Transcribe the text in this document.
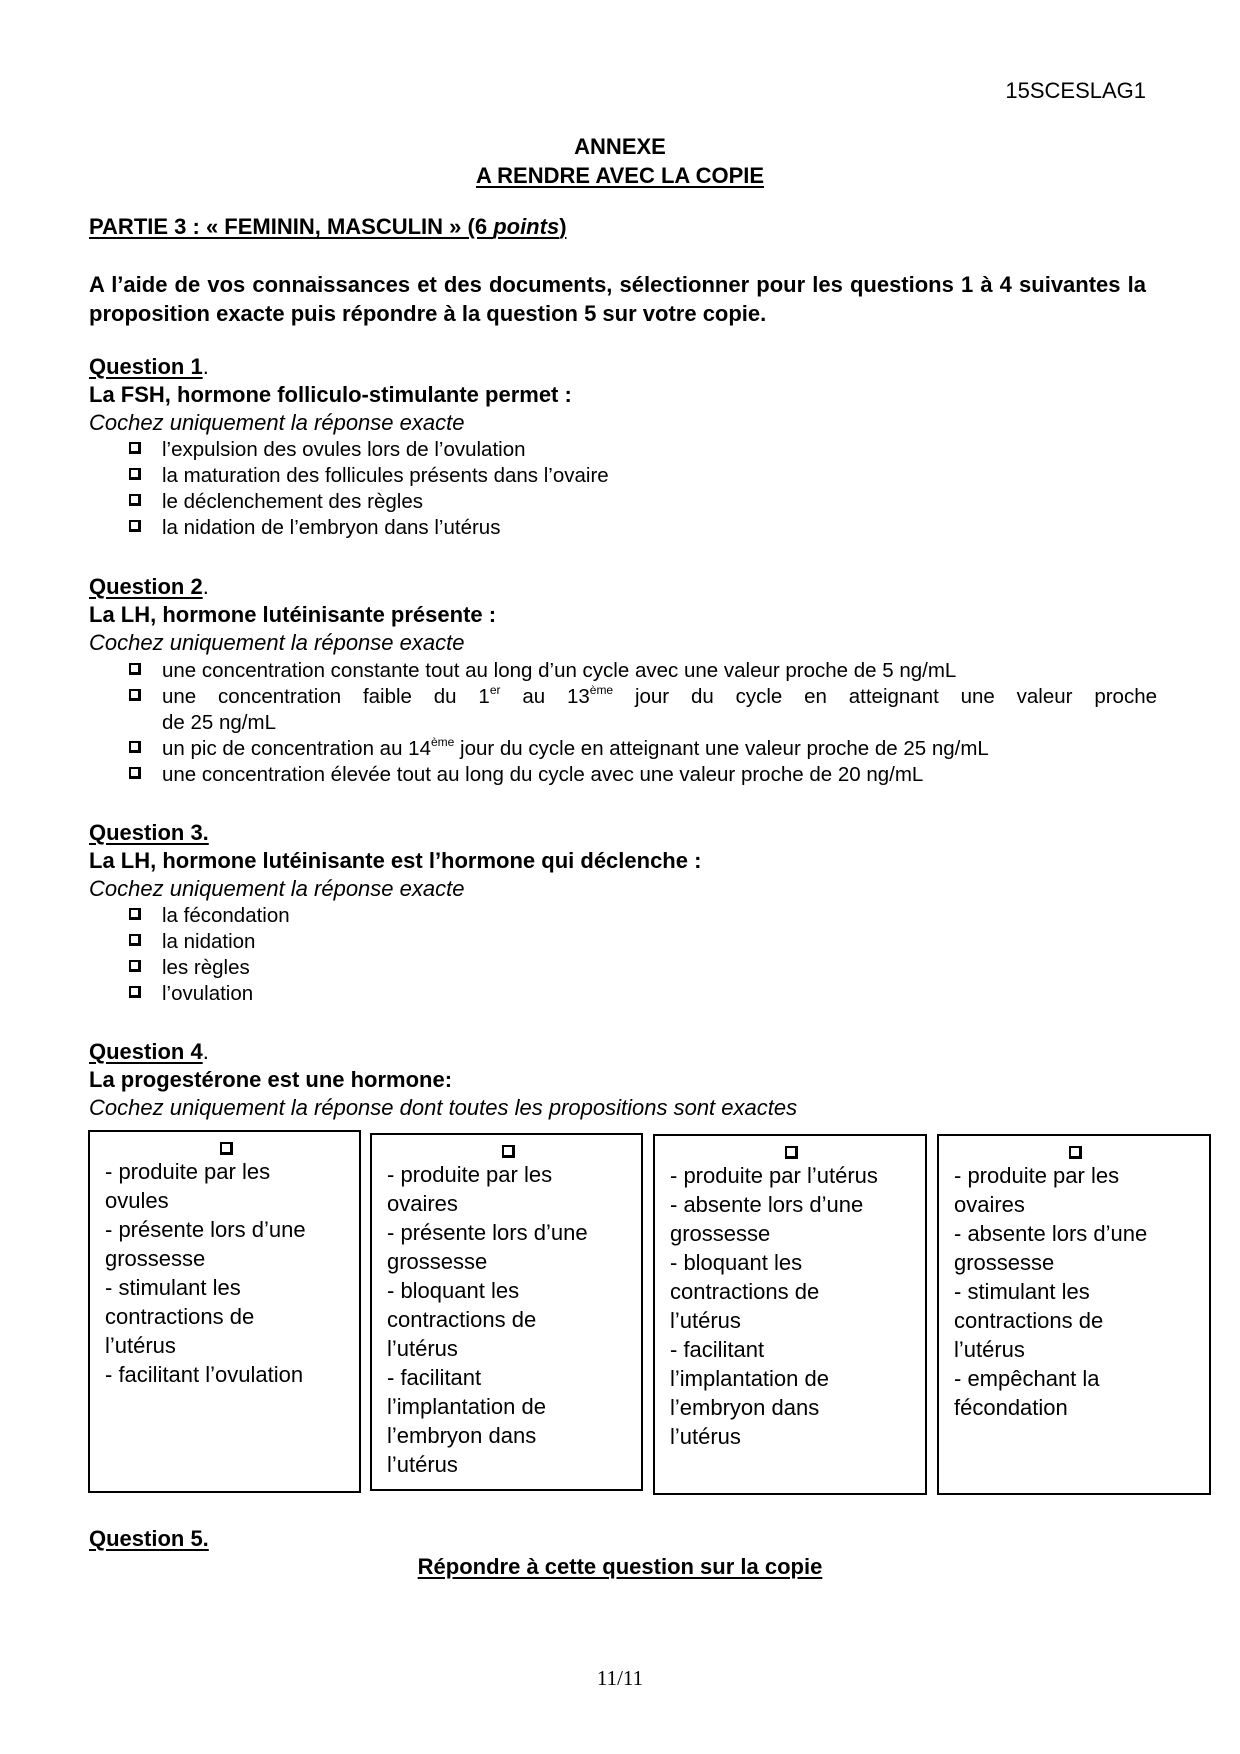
15SCESLAG1
ANNEXE
A RENDRE AVEC LA COPIE
PARTIE 3 : « FEMININ, MASCULIN » (6 points)
A l’aide de vos connaissances et des documents, sélectionner pour les questions 1 à 4 suivantes la proposition exacte puis répondre à la question 5 sur votre copie.
Question 1.
La FSH, hormone folliculo-stimulante permet :
Cochez uniquement la réponse exacte
l’expulsion des ovules lors de l’ovulation
la maturation des follicules présents dans l’ovaire
le déclenchement des règles
la nidation de l’embryon dans l’utérus
Question 2.
La LH, hormone lutéinisante présente :
Cochez uniquement la réponse exacte
une concentration constante tout au long d’un cycle avec une valeur proche de 5 ng/mL
une concentration faible du 1er au 13ème jour du cycle en atteignant une valeur proche
de 25 ng/mL
un pic de concentration au 14ème jour du cycle en atteignant une valeur proche de 25 ng/mL
une concentration élevée tout au long du cycle avec une valeur proche de 20 ng/mL
Question 3.
La LH, hormone lutéinisante est l’hormone qui déclenche :
Cochez uniquement la réponse exacte
la fécondation
la nidation
les règles
l’ovulation
Question 4.
La progestérone est une hormone:
Cochez uniquement la réponse dont toutes les propositions sont exactes
- produite par les
ovules
- présente lors d’une
grossesse
- stimulant les
contractions de
l’utérus
- facilitant l’ovulation
- produite par les
ovaires
- présente lors d’une
grossesse
- bloquant les
contractions de
l’utérus
- facilitant
l’implantation de
l’embryon dans
l’utérus
- produite par l’utérus
- absente lors d’une
grossesse
- bloquant les
contractions de
l’utérus
- facilitant
l’implantation de
l’embryon dans
l’utérus
- produite par les
ovaires
- absente lors d’une
grossesse
- stimulant les
contractions de
l’utérus
- empêchant la
fécondation
Question 5.
Répondre à cette question sur la copie
11/11
